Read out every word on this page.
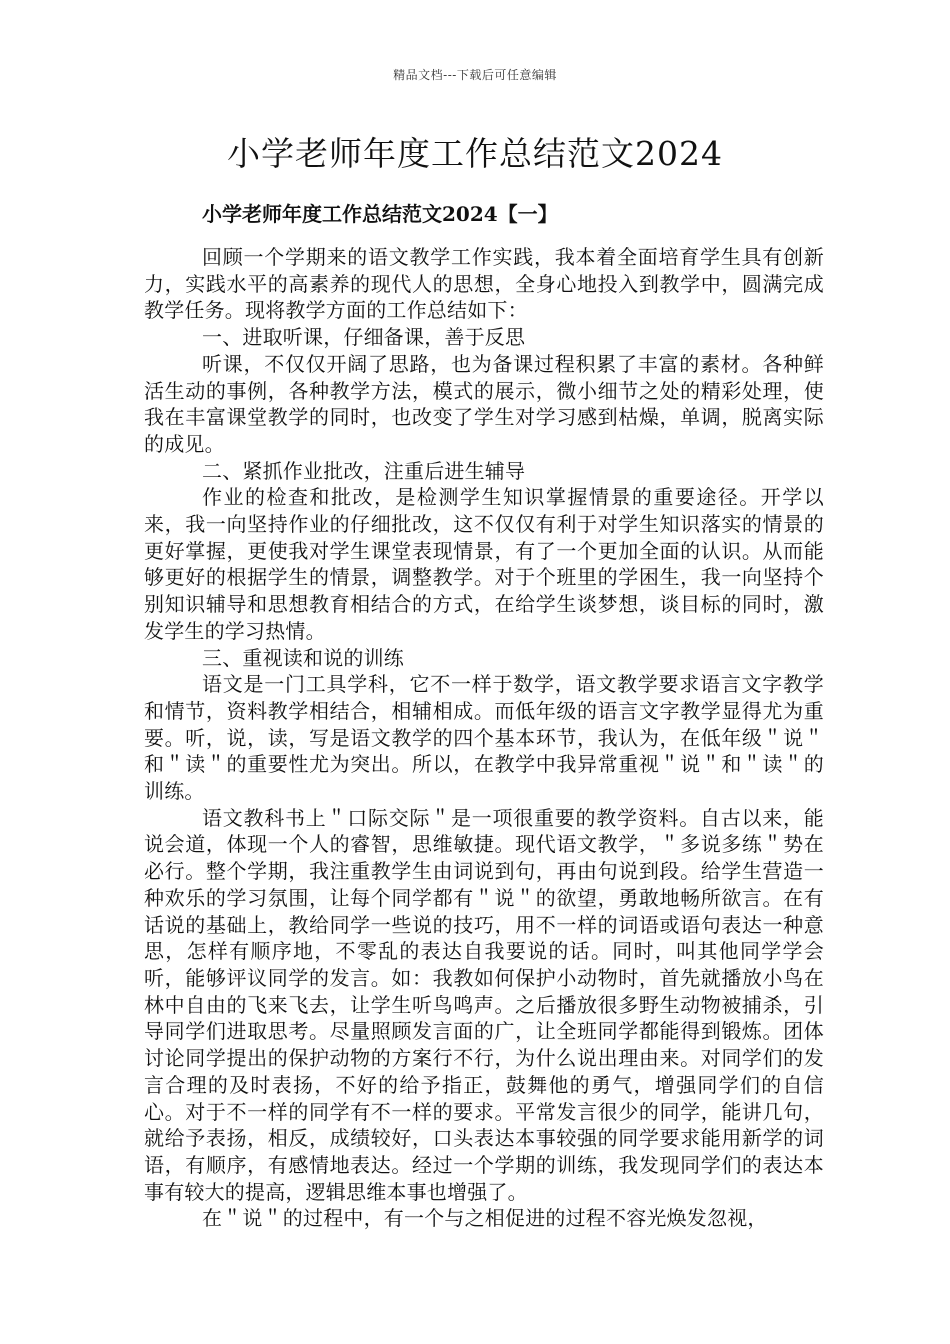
精品文档---下载后可任意编辑
小学老师年度工作总结范文2024
小学老师年度工作总结范文2024【一】

回顾一个学期来的语文教学工作实践，我本着全面培育学生具有创新力，实践水平的高素养的现代人的思想，全身心地投入到教学中，圆满完成教学任务。现将教学方面的工作总结如下：

一、进取听课，仔细备课，善于反思

听课，不仅仅开阔了思路，也为备课过程积累了丰富的素材。各种鲜活生动的事例，各种教学方法，模式的展示，微小细节之处的精彩处理，使我在丰富课堂教学的同时，也改变了学生对学习感到枯燥，单调，脱离实际的成见。

二、紧抓作业批改，注重后进生辅导

作业的检查和批改，是检测学生知识掌握情景的重要途径。开学以来，我一向坚持作业的仔细批改，这不仅仅有利于对学生知识落实的情景的更好掌握，更使我对学生课堂表现情景，有了一个更加全面的认识。从而能够更好的根据学生的情景，调整教学。对于个班里的学困生，我一向坚持个别知识辅导和思想教育相结合的方式，在给学生谈梦想，谈目标的同时，激发学生的学习热情。

三、重视读和说的训练

语文是一门工具学科，它不一样于数学，语文教学要求语言文字教学和情节，资料教学相结合，相辅相成。而低年级的语言文字教学显得尤为重要。听，说，读，写是语文教学的四个基本环节，我认为，在低年级＂说＂和＂读＂的重要性尤为突出。所以，在教学中我异常重视＂说＂和＂读＂的训练。

语文教科书上＂口际交际＂是一项很重要的教学资料。自古以来，能说会道，体现一个人的睿智，思维敏捷。现代语文教学，＂多说多练＂势在必行。整个学期，我注重教学生由词说到句，再由句说到段。给学生营造一种欢乐的学习氛围，让每个同学都有＂说＂的欲望，勇敢地畅所欲言。在有话说的基础上，教给同学一些说的技巧，用不一样的词语或语句表达一种意思，怎样有顺序地，不零乱的表达自我要说的话。同时，叫其他同学学会听，能够评议同学的发言。如：我教如何保护小动物时，首先就播放小鸟在林中自由的飞来飞去，让学生听鸟鸣声。之后播放很多野生动物被捕杀，引导同学们进取思考。尽量照顾发言面的广，让全班同学都能得到锻炼。团体讨论同学提出的保护动物的方案行不行，为什么说出理由来。对同学们的发言合理的及时表扬，不好的给予指正，鼓舞他的勇气，增强同学们的自信心。对于不一样的同学有不一样的要求。平常发言很少的同学，能讲几句，就给予表扬，相反，成绩较好，口头表达本事较强的同学要求能用新学的词语，有顺序，有感情地表达。经过一个学期的训练，我发现同学们的表达本事有较大的提高，逻辑思维本事也增强了。

在＂说＂的过程中，有一个与之相促进的过程不容光焕发忽视，
